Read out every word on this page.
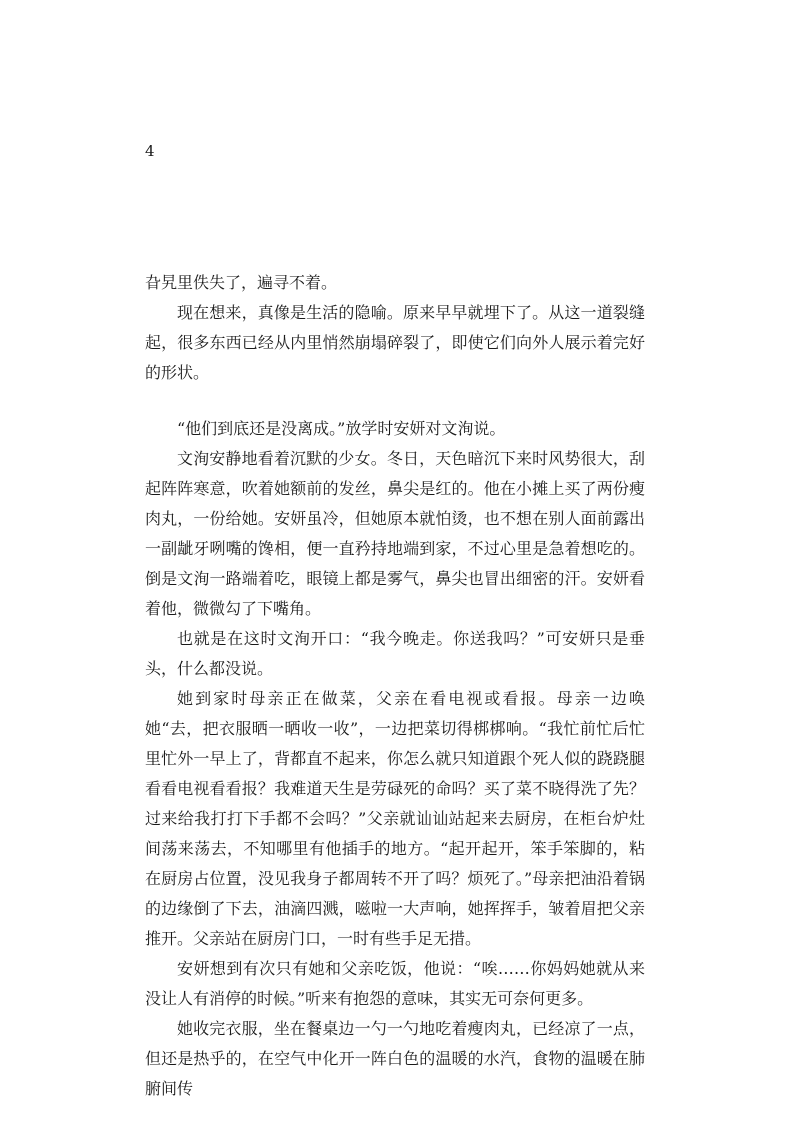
4

旮旯里佚失了，遍寻不着。

现在想来，真像是生活的隐喻。原来早早就埋下了。从这一道裂缝起，很多东西已经从内里悄然崩塌碎裂了，即使它们向外人展示着完好的形状。

“他们到底还是没离成。”放学时安妍对文洵说。

文洵安静地看着沉默的少女。冬日，天色暗沉下来时风势很大，刮起阵阵寒意，吹着她额前的发丝，鼻尖是红的。他在小摊上买了两份瘦肉丸，一份给她。安妍虽冷，但她原本就怕烫，也不想在别人面前露出一副龇牙咧嘴的馋相，便一直矜持地端到家，不过心里是急着想吃的。倒是文洵一路端着吃，眼镜上都是雾气，鼻尖也冒出细密的汗。安妍看着他，微微勾了下嘴角。

也就是在这时文洵开口：“我今晚走。你送我吗？”可安妍只是垂头，什么都没说。

她到家时母亲正在做菜，父亲在看电视或看报。母亲一边唤她“去，把衣服晒一晒收一收”，一边把菜切得梆梆响。“我忙前忙后忙里忙外一早上了，背都直不起来，你怎么就只知道跟个死人似的跷跷腿看看电视看看报？我难道天生是劳碌死的命吗？买了菜不晓得洗了先？过来给我打打下手都不会吗？”父亲就讪讪站起来去厨房，在柜台炉灶间荡来荡去，不知哪里有他插手的地方。“起开起开，笨手笨脚的，粘在厨房占位置，没见我身子都周转不开了吗？烦死了。”母亲把油沿着锅的边缘倒了下去，油滴四溅，嗞啦一大声响，她挥挥手，皱着眉把父亲推开。父亲站在厨房门口，一时有些手足无措。

安妍想到有次只有她和父亲吃饭，他说：“唉……你妈妈她就从来没让人有消停的时候。”听来有抱怨的意味，其实无可奈何更多。

她收完衣服，坐在餐桌边一勺一勺地吃着瘦肉丸，已经凉了一点，但还是热乎的，在空气中化开一阵白色的温暖的水汽，食物的温暖在肺腑间传
